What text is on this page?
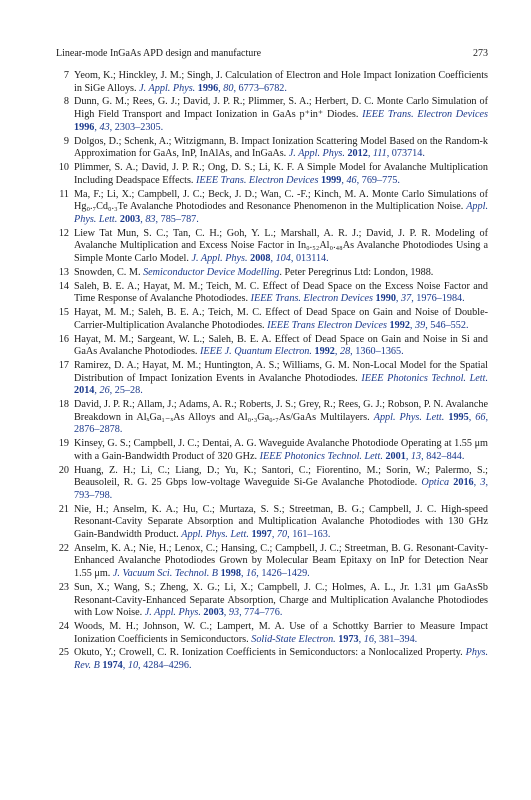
Linear-mode InGaAs APD design and manufacture	273
7 Yeom, K.; Hinckley, J. M.; Singh, J. Calculation of Electron and Hole Impact Ionization Coefficients in SiGe Alloys. J. Appl. Phys. 1996, 80, 6773–6782.
8 Dunn, G. M.; Rees, G. J.; David, J. P. R.; Plimmer, S. A.; Herbert, D. C. Monte Carlo Simulation of High Field Transport and Impact Ionization in GaAs p⁺in⁺ Diodes. IEEE Trans. Electron Devices 1996, 43, 2303–2305.
9 Dolgos, D.; Schenk, A.; Witzigmann, B. Impact Ionization Scattering Model Based on the Random-k Approximation for GaAs, InP, InAlAs, and InGaAs. J. Appl. Phys. 2012, 111, 073714.
10 Plimmer, S. A.; David, J. P. R.; Ong, D. S.; Li, K. F. A Simple Model for Avalanche Multiplication Including Deadspace Effects. IEEE Trans. Electron Devices 1999, 46, 769–775.
11 Ma, F.; Li, X.; Campbell, J. C.; Beck, J. D.; Wan, C. -F.; Kinch, M. A. Monte Carlo Simulations of Hg₀.₇Cd₀.₃Te Avalanche Photodiodes and Resonance Phenomenon in the Multiplication Noise. Appl. Phys. Lett. 2003, 83, 785–787.
12 Liew Tat Mun, S. C.; Tan, C. H.; Goh, Y. L.; Marshall, A. R. J.; David, J. P. R. Modeling of Avalanche Multiplication and Excess Noise Factor in In₀.₅₂Al₀.₄₈As Avalanche Photodiodes Using a Simple Monte Carlo Model. J. Appl. Phys. 2008, 104, 013114.
13 Snowden, C. M. Semiconductor Device Modelling. Peter Peregrinus Ltd: London, 1988.
14 Saleh, B. E. A.; Hayat, M. M.; Teich, M. C. Effect of Dead Space on the Excess Noise Factor and Time Response of Avalanche Photodiodes. IEEE Trans. Electron Devices 1990, 37, 1976–1984.
15 Hayat, M. M.; Saleh, B. E. A.; Teich, M. C. Effect of Dead Space on Gain and Noise of Double-Carrier-Multiplication Avalanche Photodiodes. IEEE Trans Electron Devices 1992, 39, 546–552.
16 Hayat, M. M.; Sargeant, W. L.; Saleh, B. E. A. Effect of Dead Space on Gain and Noise in Si and GaAs Avalanche Photodiodes. IEEE J. Quantum Electron. 1992, 28, 1360–1365.
17 Ramirez, D. A.; Hayat, M. M.; Huntington, A. S.; Williams, G. M. Non-Local Model for the Spatial Distribution of Impact Ionization Events in Avalanche Photodiodes. IEEE Photonics Technol. Lett. 2014, 26, 25–28.
18 David, J. P. R.; Allam, J.; Adams, A. R.; Roberts, J. S.; Grey, R.; Rees, G. J.; Robson, P. N. Avalanche Breakdown in AlₓGa₁₋ₓAs Alloys and Al₀.₃Ga₀.₇As/GaAs Multilayers. Appl. Phys. Lett. 1995, 66, 2876–2878.
19 Kinsey, G. S.; Campbell, J. C.; Dentai, A. G. Waveguide Avalanche Photodiode Operating at 1.55 μm with a Gain-Bandwidth Product of 320 GHz. IEEE Photonics Technol. Lett. 2001, 13, 842–844.
20 Huang, Z. H.; Li, C.; Liang, D.; Yu, K.; Santori, C.; Fiorentino, M.; Sorin, W.; Palermo, S.; Beausoleil, R. G. 25 Gbps low-voltage Waveguide Si-Ge Avalanche Photodiode. Optica 2016, 3, 793–798.
21 Nie, H.; Anselm, K. A.; Hu, C.; Murtaza, S. S.; Streetman, B. G.; Campbell, J. C. High-speed Resonant-Cavity Separate Absorption and Multiplication Avalanche Photodiodes with 130 GHz Gain-Bandwidth Product. Appl. Phys. Lett. 1997, 70, 161–163.
22 Anselm, K. A.; Nie, H.; Lenox, C.; Hansing, C.; Campbell, J. C.; Streetman, B. G. Resonant-Cavity-Enhanced Avalanche Photodiodes Grown by Molecular Beam Epitaxy on InP for Detection Near 1.55 μm. J. Vacuum Sci. Technol. B 1998, 16, 1426–1429.
23 Sun, X.; Wang, S.; Zheng, X. G.; Li, X.; Campbell, J. C.; Holmes, A. L., Jr. 1.31 μm GaAsSb Resonant-Cavity-Enhanced Separate Absorption, Charge and Multiplication Avalanche Photodiodes with Low Noise. J. Appl. Phys. 2003, 93, 774–776.
24 Woods, M. H.; Johnson, W. C.; Lampert, M. A. Use of a Schottky Barrier to Measure Impact Ionization Coefficients in Semiconductors. Solid-State Electron. 1973, 16, 381–394.
25 Okuto, Y.; Crowell, C. R. Ionization Coefficients in Semiconductors: a Nonlocalized Property. Phys. Rev. B 1974, 10, 4284–4296.
